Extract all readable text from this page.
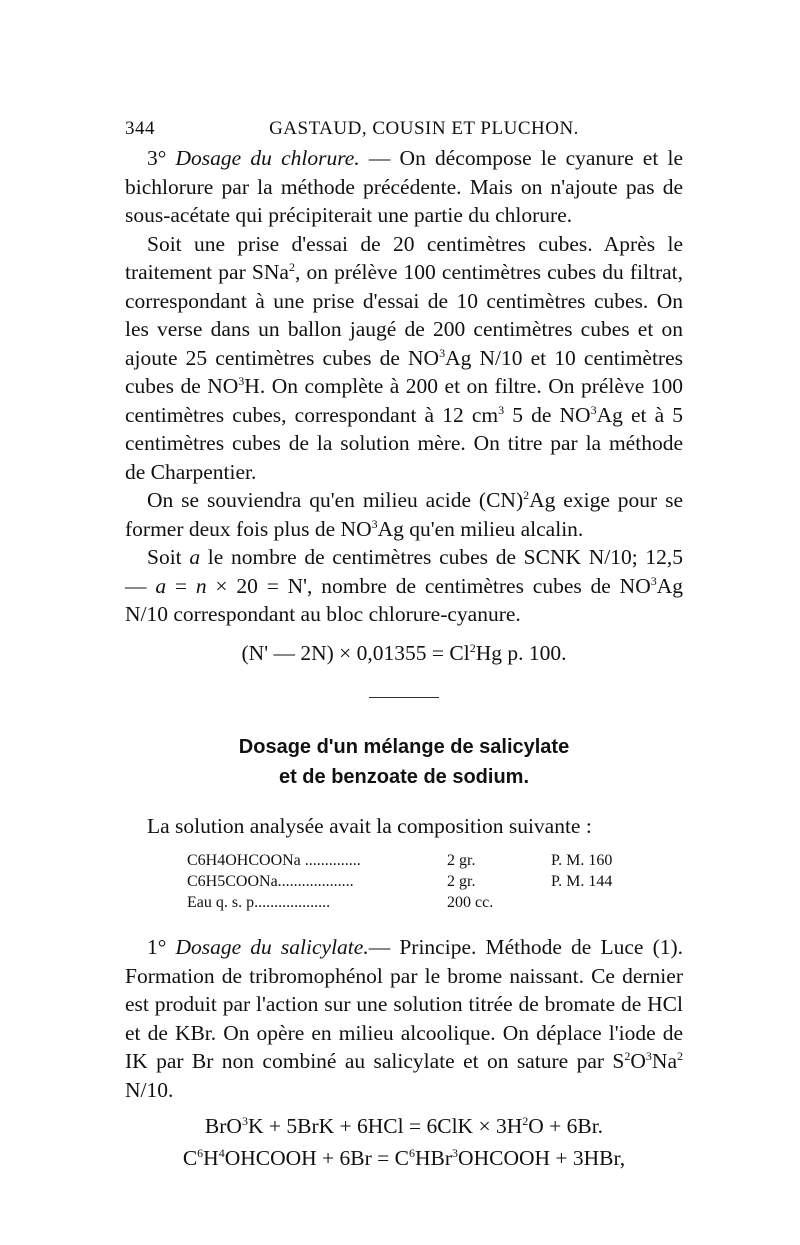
344	GASTAUD, COUSIN ET PLUCHON.

3° Dosage du chlorure. — On décompose le cyanure et le bichlorure par la méthode précédente. Mais on n'ajoute pas de sous-acétate qui précipiterait une partie du chlorure.

Soit une prise d'essai de 20 centimètres cubes. Après le traitement par SNa$^2$, on prélève 100 centimètres cubes du filtrat, correspondant à une prise d'essai de 10 centimètres cubes. On les verse dans un ballon jaugé de 200 centimètres cubes et on ajoute 25 centimètres cubes de $NO^3Ag$ N/10 et 10 centimètres cubes de $NO^3H$. On complète à 200 et on filtre. On prélève 100 centimètres cubes, correspondant à 12 $cm^3$ 5 de $NO^3Ag$ et à 5 centimètres cubes de la solution mère. On titre par la méthode de Charpentier.

On se souviendra qu'en milieu acide (CN)$^2$Ag exige pour se former deux fois plus de $NO^3Ag$ qu'en milieu alcalin.

Soit a le nombre de centimètres cubes de SCNK N/10; 12,5 — a = n × 20 = N', nombre de centimètres cubes de $NO^3Ag$ N/10 correspondant au bloc chlorure-cyanure.

(N' — $2N) \times 0,01355 = Cl^2Hg$ p. 100.
Dosage d'un mélange de salicylate
et de benzoate de sodium.

La solution analysée avait la composition suivante :

C6H4OHCOONa ..............	2 gr.	P. M. 160
C6H5COONa...................	2 gr.	P. M. 144
Eau q. s. p...................	200 cc.

1° Dosage du salicylate.— Principe. Méthode de Luce (1). Formation de tribromophénol par le brome naissant. Ce dernier est produit par l'action sur une solution titrée de bromate de HCl et de KBr. On opère en milieu alcoolique. On déplace l'iode de IK par Br non combiné au salicylate et on sature par $S^2O^3Na^2$ N/10.

$BrO^3K + 5BrK + 6HCl = 6ClK \times 3H^2O + 6Br$.
$C^6H^4OHCOOH + 6Br$ = $C^6HBr^3OHCOOH + 3HBr$,
